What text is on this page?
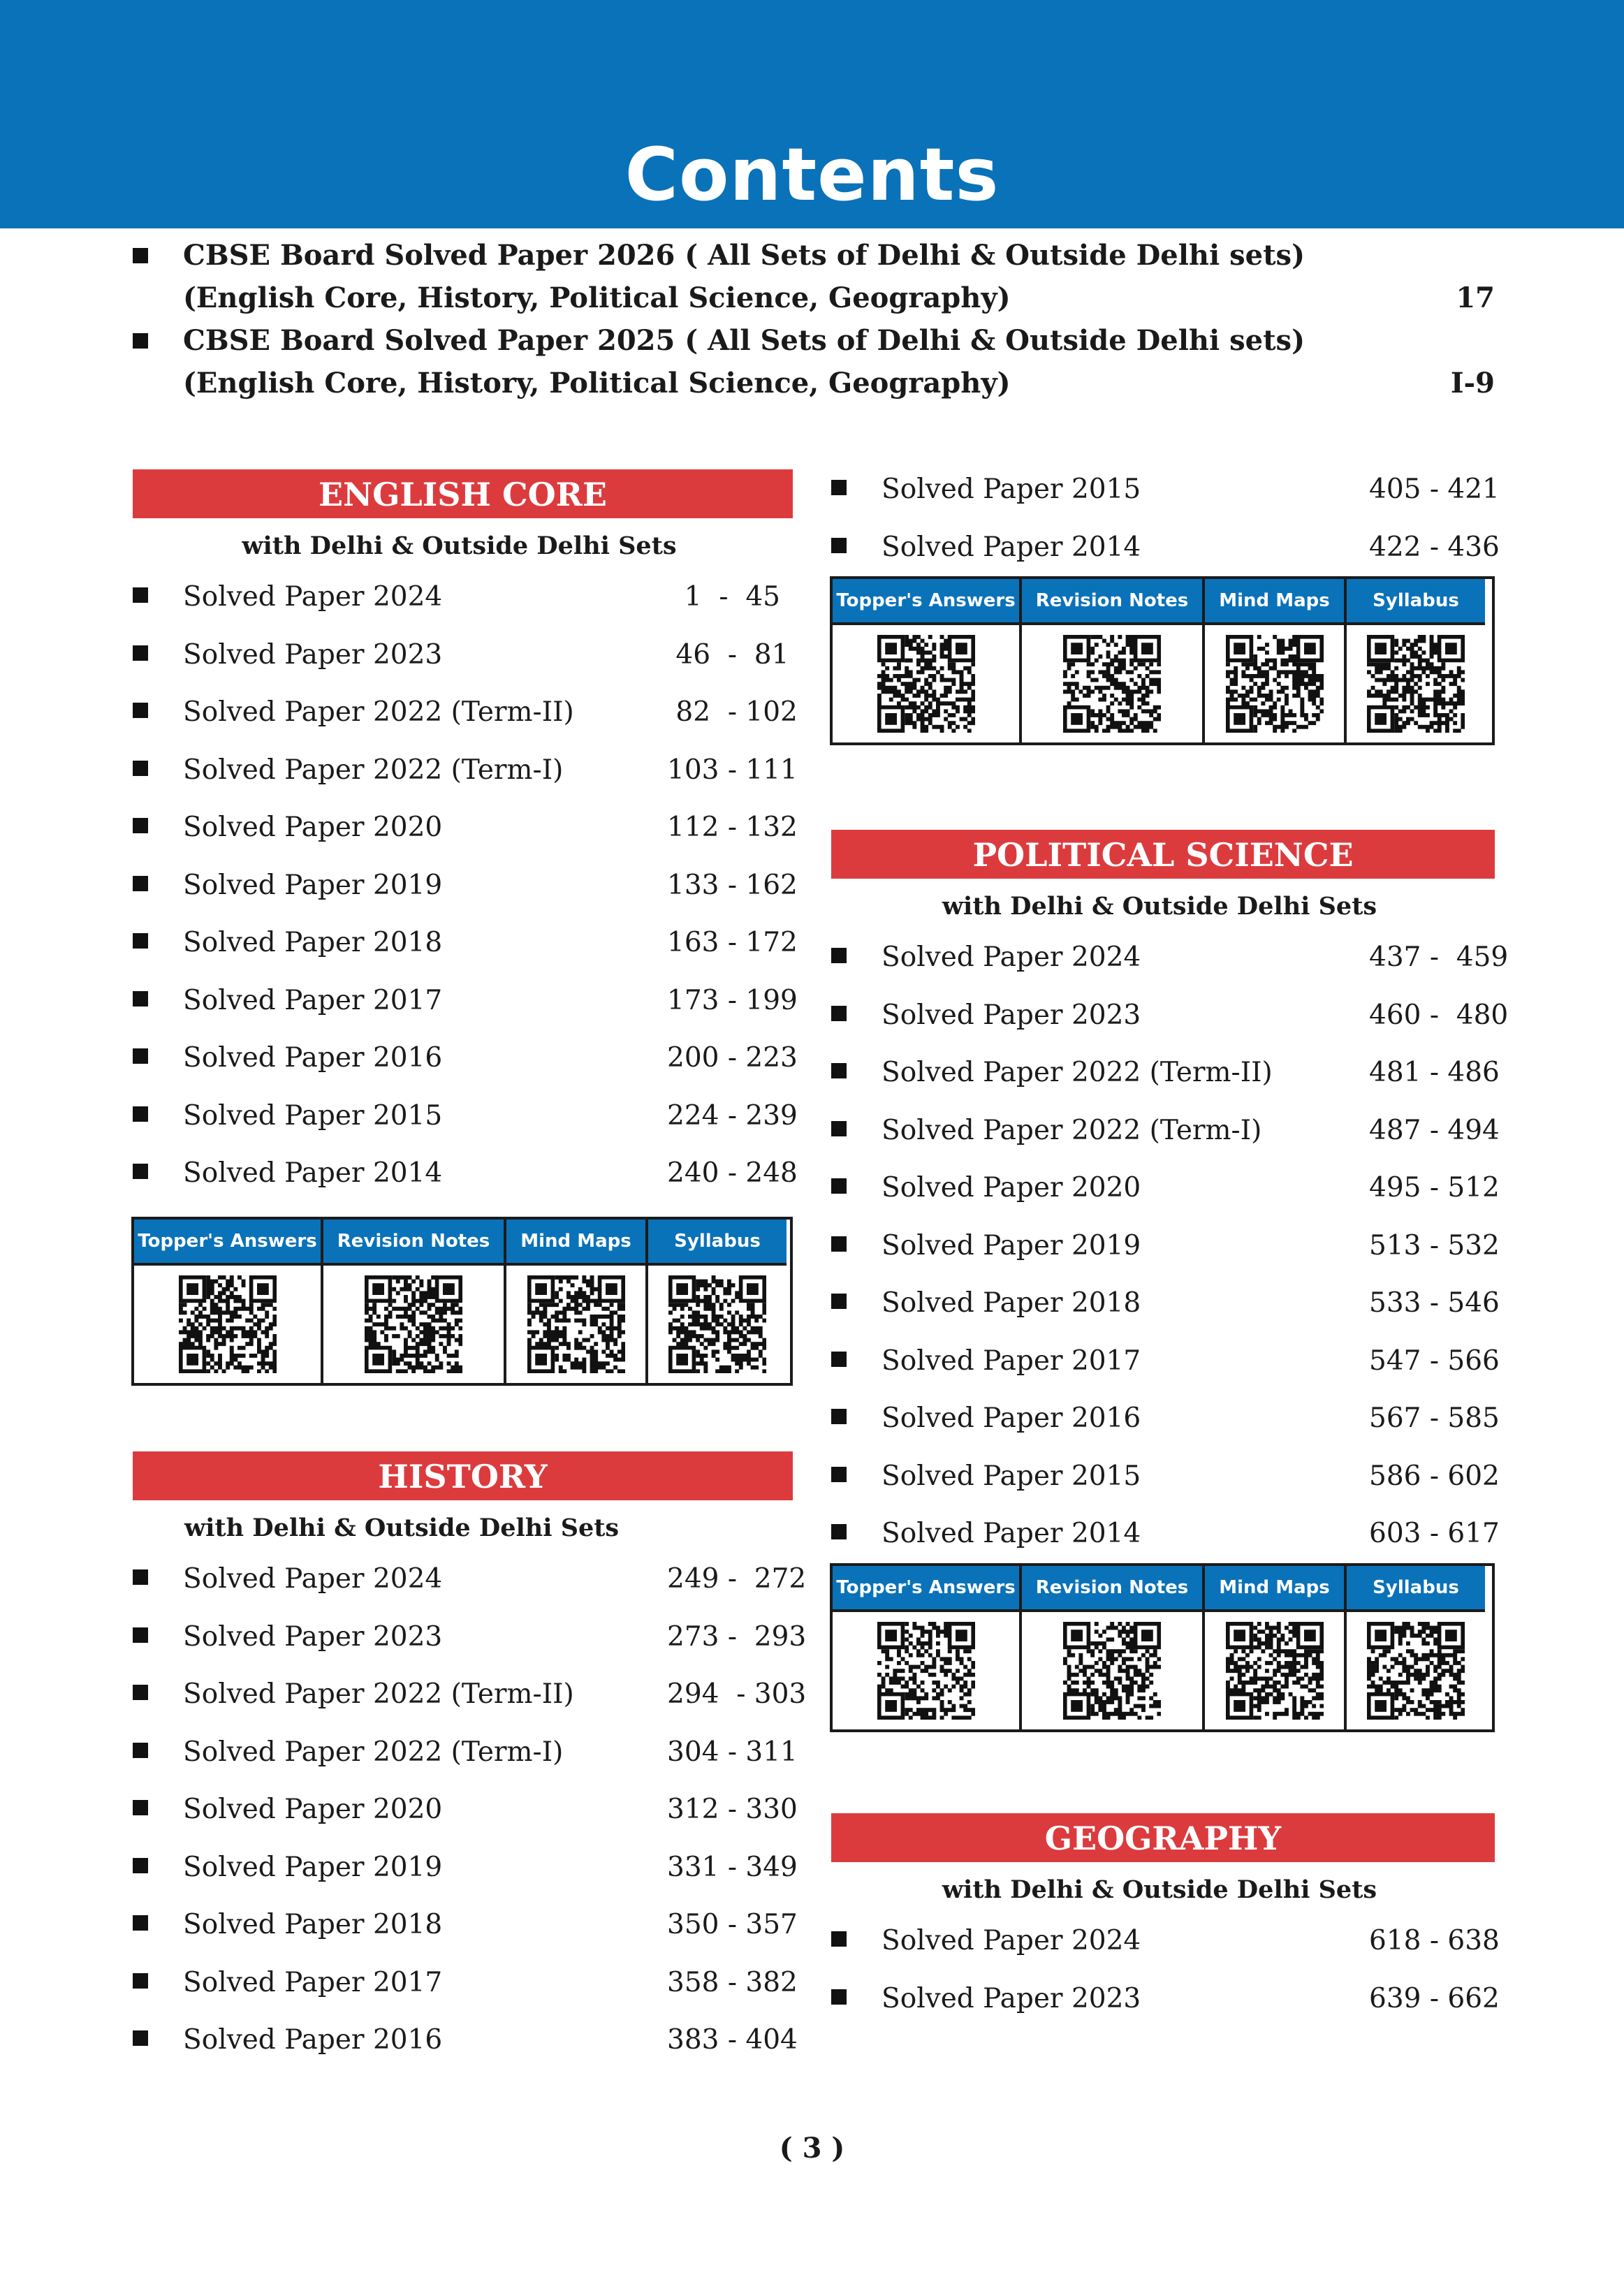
Contents
CBSE Board Solved Paper 2026 ( All Sets of Delhi & Outside Delhi sets)
(English Core, History, Political Science, Geography)	17
CBSE Board Solved Paper 2025 ( All Sets of Delhi & Outside Delhi sets)
(English Core, History, Political Science, Geography)	I-9
ENGLISH CORE
with Delhi & Outside Delhi Sets
Solved Paper 2024	1  -  45
Solved Paper 2023	46  -  81
Solved Paper 2022 (Term-II)	82  - 102
Solved Paper 2022 (Term-I)	103 - 111
Solved Paper 2020	112 - 132
Solved Paper 2019	133 - 162
Solved Paper 2018	163 - 172
Solved Paper 2017	173 - 199
Solved Paper 2016	200 - 223
Solved Paper 2015	224 - 239
Solved Paper 2014	240 - 248
Topper's Answers	Revision Notes	Mind Maps	Syllabus
HISTORY
with Delhi & Outside Delhi Sets
Solved Paper 2024	249 -  272
Solved Paper 2023	273 -  293
Solved Paper 2022 (Term-II)	294  - 303
Solved Paper 2022 (Term-I)	304 - 311
Solved Paper 2020	312 - 330
Solved Paper 2019	331 - 349
Solved Paper 2018	350 - 357
Solved Paper 2017	358 - 382
Solved Paper 2016	383 - 404
Solved Paper 2015	405 - 421
Solved Paper 2014	422 - 436
Topper's Answers	Revision Notes	Mind Maps	Syllabus
POLITICAL SCIENCE
with Delhi & Outside Delhi Sets
Solved Paper 2024	437 -  459
Solved Paper 2023	460 -  480
Solved Paper 2022 (Term-II)	481 - 486
Solved Paper 2022 (Term-I)	487 - 494
Solved Paper 2020	495 - 512
Solved Paper 2019	513 - 532
Solved Paper 2018	533 - 546
Solved Paper 2017	547 - 566
Solved Paper 2016	567 - 585
Solved Paper 2015	586 - 602
Solved Paper 2014	603 - 617
Topper's Answers	Revision Notes	Mind Maps	Syllabus
GEOGRAPHY
with Delhi & Outside Delhi Sets
Solved Paper 2024	618 - 638
Solved Paper 2023	639 - 662
( 3 )
